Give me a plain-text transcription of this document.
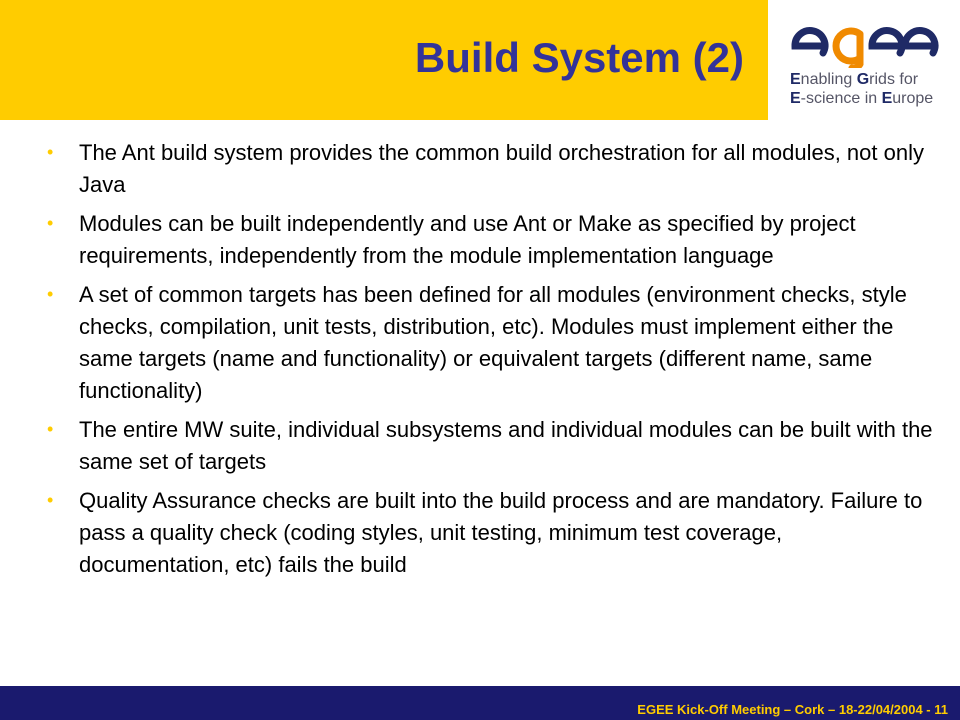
Build System (2)	Enabling Grids for
E-science in Europe
• The Ant build system provides the common build orchestration for all modules, not only Java
• Modules can be built independently and use Ant or Make as specified by project requirements, independently from the module implementation language
• A set of common targets has been defined for all modules (environment checks, style checks, compilation, unit tests, distribution, etc). Modules must implement either the same targets (name and functionality) or equivalent targets (different name, same functionality)
• The entire MW suite, individual subsystems and individual modules can be built with the same set of targets
• Quality Assurance checks are built into the build process and are mandatory. Failure to pass a quality check (coding styles, unit testing, minimum test coverage, documentation, etc) fails the build
EGEE Kick-Off Meeting – Cork – 18-22/04/2004 - 11
